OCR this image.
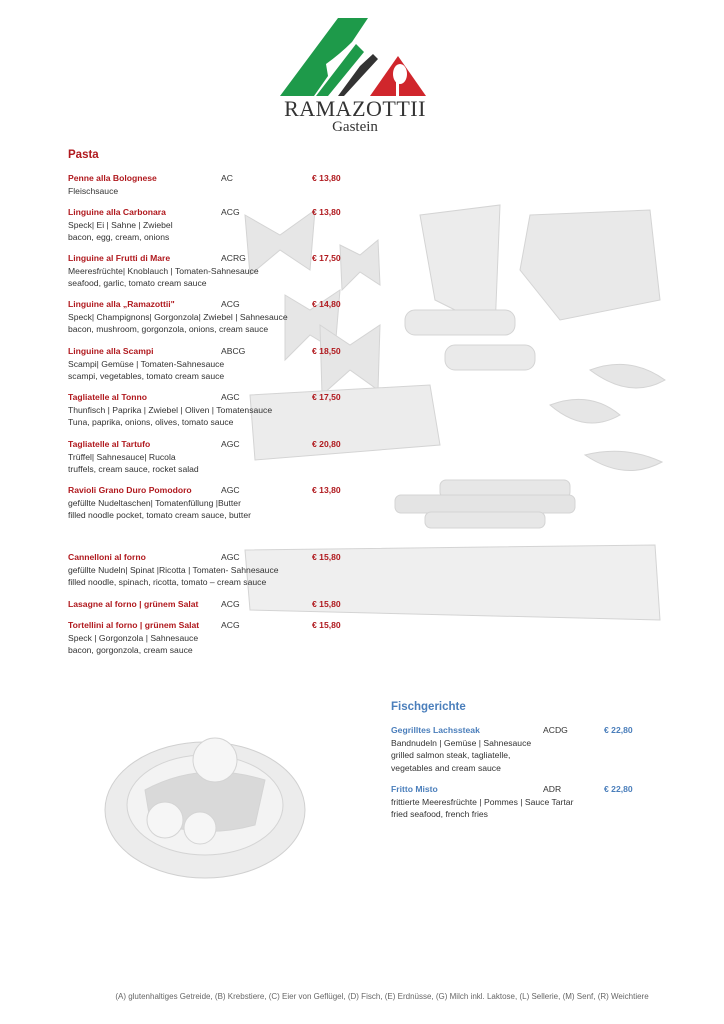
RAMAZOTTII
Gastein
Pasta
Penne alla Bolognese	AC	€ 13,80
Fleischsauce
Linguine alla Carbonara	ACG	€ 13,80
Speck| Ei | Sahne | Zwiebel
bacon, egg, cream, onions
Linguine al Frutti di Mare	ACRG	€ 17,50
Meeresfrüchte| Knoblauch | Tomaten-Sahnesauce
seafood, garlic, tomato cream sauce
Linguine alla „Ramazottii"	ACG	€ 14,80
Speck| Champignons| Gorgonzola| Zwiebel | Sahnesauce
bacon, mushroom, gorgonzola, onions, cream sauce
Linguine alla Scampi	ABCG	€ 18,50
Scampi| Gemüse | Tomaten-Sahnesauce
scampi, vegetables, tomato cream sauce
Tagliatelle al Tonno	AGC	€ 17,50
Thunfisch | Paprika | Zwiebel | Oliven | Tomatensauce
Tuna, paprika, onions, olives, tomato sauce
Tagliatelle al Tartufo	AGC	€ 20,80
Trüffel| Sahnesauce| Rucola
truffels, cream sauce, rocket salad
Ravioli Grano Duro Pomodoro	AGC	€ 13,80
gefüllte Nudeltaschen| Tomatenfüllung |Butter
filled noodle pocket, tomato cream sauce, butter
Cannelloni al forno	AGC	€ 15,80
gefüllte Nudeln| Spinat |Ricotta | Tomaten- Sahnesauce
filled noodle, spinach, ricotta, tomato – cream sauce
Lasagne al forno | grünem Salat	ACG	€ 15,80
Tortellini al forno | grünem Salat	ACG	€ 15,80
Speck | Gorgonzola | Sahnesauce
bacon, gorgonzola, cream sauce
Fischgerichte
Gegrilltes Lachssteak	ACDG	€ 22,80
Bandnudeln | Gemüse | Sahnesauce
grilled salmon steak, tagliatelle,
vegetables and cream sauce
Fritto Misto	ADR	€ 22,80
frittierte Meeresfrüchte | Pommes | Sauce Tartar
fried seafood, french fries
(A) glutenhaltiges Getreide, (B) Krebstiere, (C) Eier von Geflügel, (D) Fisch, (E) Erdnüsse, (G) Milch inkl. Laktose, (L) Sellerie, (M) Senf, (R) Weichtiere
